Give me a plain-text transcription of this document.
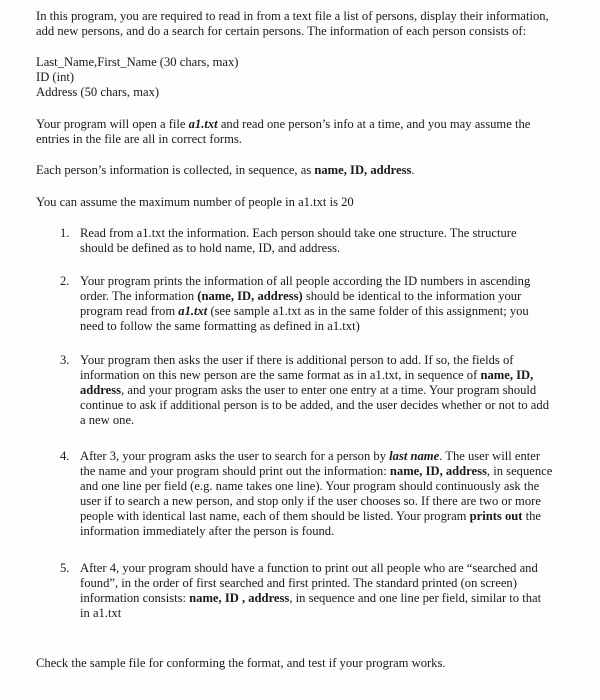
In this program, you are required to read in from a text file a list of persons, display their information,
add new persons, and do a search for certain persons. The information of each person consists of:
Last_Name,First_Name (30 chars, max)
ID (int)
Address (50 chars, max)
Your program will open a file a1.txt and read one person’s info at a time, and you may assume the
entries in the file are all in correct forms.
Each person’s information is collected, in sequence, as name, ID, address.
You can assume the maximum number of people in a1.txt is 20
1. Read from a1.txt the information. Each person should take one structure. The structure
should be defined as to hold name, ID, and address.
2. Your program prints the information of all people according the ID numbers in ascending
order. The information (name, ID, address) should be identical to the information your
program read from a1.txt (see sample a1.txt as in the same folder of this assignment; you
need to follow the same formatting as defined in a1.txt)
3. Your program then asks the user if there is additional person to add. If so, the fields of
information on this new person are the same format as in a1.txt, in sequence of name, ID,
address, and your program asks the user to enter one entry at a time. Your program should
continue to ask if additional person is to be added, and the user decides whether or not to add
a new one.
4. After 3, your program asks the user to search for a person by last name. The user will enter
the name and your program should print out the information: name, ID, address, in sequence
and one line per field (e.g. name takes one line). Your program should continuously ask the
user if to search a new person, and stop only if the user chooses so. If there are two or more
people with identical last name, each of them should be listed. Your program prints out the
information immediately after the person is found.
5. After 4, your program should have a function to print out all people who are “searched and
found”, in the order of first searched and first printed. The standard printed (on screen)
information consists: name, ID , address, in sequence and one line per field, similar to that
in a1.txt
Check the sample file for conforming the format, and test if your program works.
